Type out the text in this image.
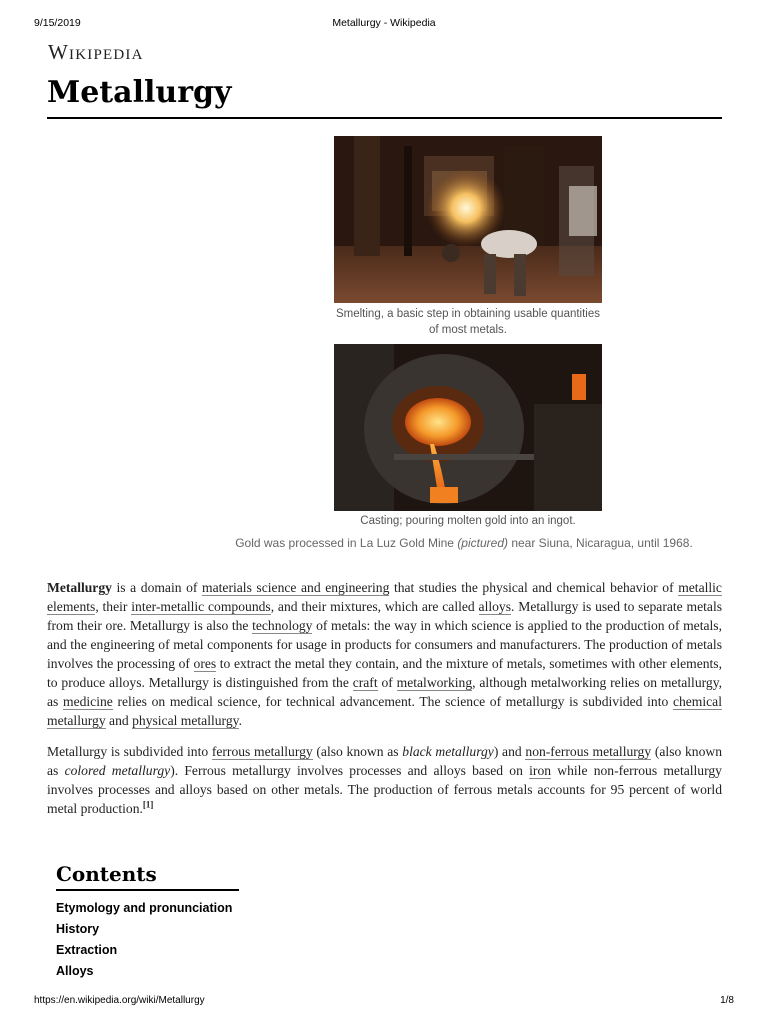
9/15/2019	Metallurgy - Wikipedia
Wikipedia
Metallurgy
Smelting, a basic step in obtaining usable quantities of most metals.
Casting; pouring molten gold into an ingot.
Gold was processed in La Luz Gold Mine (pictured) near Siuna, Nicaragua, until 1968.

Metallurgy is a domain of materials science and engineering that studies the physical and chemical behavior of metallic elements, their inter-metallic compounds, and their mixtures, which are called alloys. Metallurgy is used to separate metals from their ore. Metallurgy is also the technology of metals: the way in which science is applied to the production of metals, and the engineering of metal components for usage in products for consumers and manufacturers. The production of metals involves the processing of ores to extract the metal they contain, and the mixture of metals, sometimes with other elements, to produce alloys. Metallurgy is distinguished from the craft of metalworking, although metalworking relies on metallurgy, as medicine relies on medical science, for technical advancement. The science of metallurgy is subdivided into chemical metallurgy and physical metallurgy.

Metallurgy is subdivided into ferrous metallurgy (also known as black metallurgy) and non-ferrous metallurgy (also known as colored metallurgy). Ferrous metallurgy involves processes and alloys based on iron while non-ferrous metallurgy involves processes and alloys based on other metals. The production of ferrous metals accounts for 95 percent of world metal production.[1]

Contents
Etymology and pronunciation
History
Extraction
Alloys
https://en.wikipedia.org/wiki/Metallurgy	1/8
